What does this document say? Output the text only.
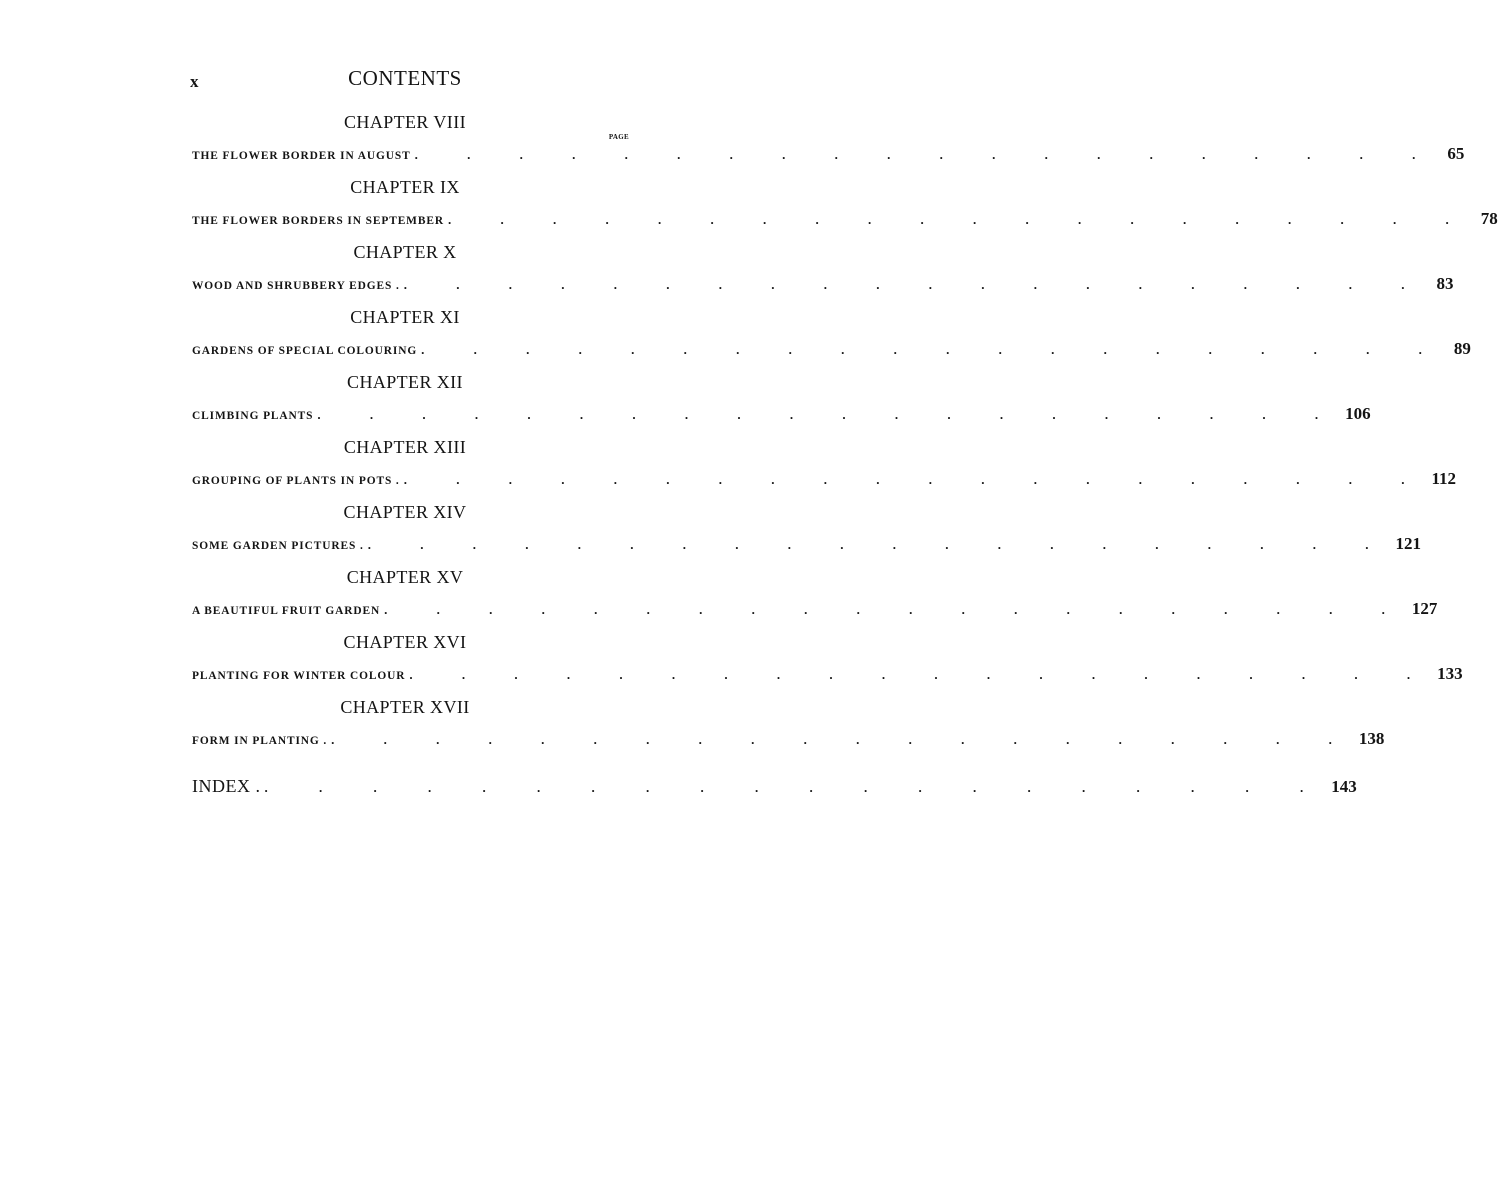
x	CONTENTS
CHAPTER VIII
PAGE
THE FLOWER BORDER IN AUGUST . . . . . . . . . . . . . . . . . . . . 65
CHAPTER IX
THE FLOWER BORDERS IN SEPTEMBER . . . . . . . . . . . . . . . . . . . . 78
CHAPTER X
WOOD AND SHRUBBERY EDGES . . . . . . . . . . . . . . . . . . . . . 83
CHAPTER XI
GARDENS OF SPECIAL COLOURING . . . . . . . . . . . . . . . . . . . . 89
CHAPTER XII
CLIMBING PLANTS . . . . . . . . . . . . . . . . . . . . 106
CHAPTER XIII
GROUPING OF PLANTS IN POTS . . . . . . . . . . . . . . . . . . . . . 112
CHAPTER XIV
SOME GARDEN PICTURES . . . . . . . . . . . . . . . . . . . . . 121
CHAPTER XV
A BEAUTIFUL FRUIT GARDEN . . . . . . . . . . . . . . . . . . . . 127
CHAPTER XVI
PLANTING FOR WINTER COLOUR . . . . . . . . . . . . . . . . . . . . 133
CHAPTER XVII
FORM IN PLANTING . . . . . . . . . . . . . . . . . . . . . 138
INDEX . . . . . . . . . . . . . . . . . . . . . 143
